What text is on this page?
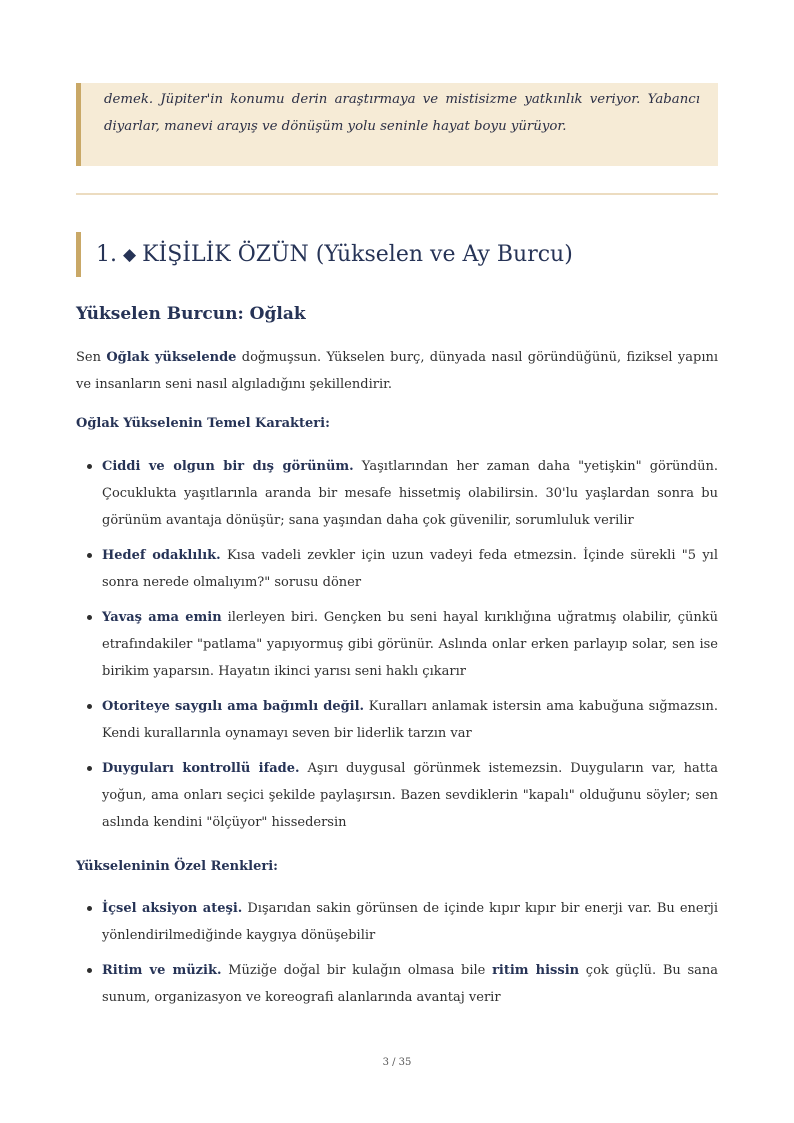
demek. Jüpiter'in konumu derin araştırmaya ve mistisizme yatkınlık veriyor. Yabancı diyarlar, manevi arayış ve dönüşüm yolu seninle hayat boyu yürüyor.

1. ◆ KİŞİLİK ÖZÜN (Yükselen ve Ay Burcu)
Yükselen Burcun: Oğlak

Sen Oğlak yükselende doğmuşsun. Yükselen burç, dünyada nasıl göründüğünü, fiziksel yapını ve insanların seni nasıl algıladığını şekillendirir.

Oğlak Yükselenin Temel Karakteri:

Ciddi ve olgun bir dış görünüm. Yaşıtlarından her zaman daha "yetişkin" göründün. Çocuklukta yaşıtlarınla aranda bir mesafe hissetmiş olabilirsin. 30'lu yaşlardan sonra bu görünüm avantaja dönüşür; sana yaşından daha çok güvenilir, sorumluluk verilir
Hedef odaklılık. Kısa vadeli zevkler için uzun vadeyi feda etmezsin. İçinde sürekli "5 yıl sonra nerede olmalıyım?" sorusu döner
Yavaş ama emin ilerleyen biri. Gençken bu seni hayal kırıklığına uğratmış olabilir, çünkü etrafındakiler "patlama" yapıyormuş gibi görünür. Aslında onlar erken parlayıp solar, sen ise birikim yaparsın. Hayatın ikinci yarısı seni haklı çıkarır
Otoriteye saygılı ama bağımlı değil. Kuralları anlamak istersin ama kabuğuna sığmazsın. Kendi kurallarınla oynamayı seven bir liderlik tarzın var
Duyguları kontrollü ifade. Aşırı duygusal görünmek istemezsin. Duyguların var, hatta yoğun, ama onları seçici şekilde paylaşırsın. Bazen sevdiklerin "kapalı" olduğunu söyler; sen aslında kendini "ölçüyor" hissedersin

Yükseleninin Özel Renkleri:

İçsel aksiyon ateşi. Dışarıdan sakin görünsen de içinde kıpır kıpır bir enerji var. Bu enerji yönlendirilmediğinde kaygıya dönüşebilir
Ritim ve müzik. Müziğe doğal bir kulağın olmasa bile ritim hissin çok güçlü. Bu sana sunum, organizasyon ve koreografi alanlarında avantaj verir
3 / 35
